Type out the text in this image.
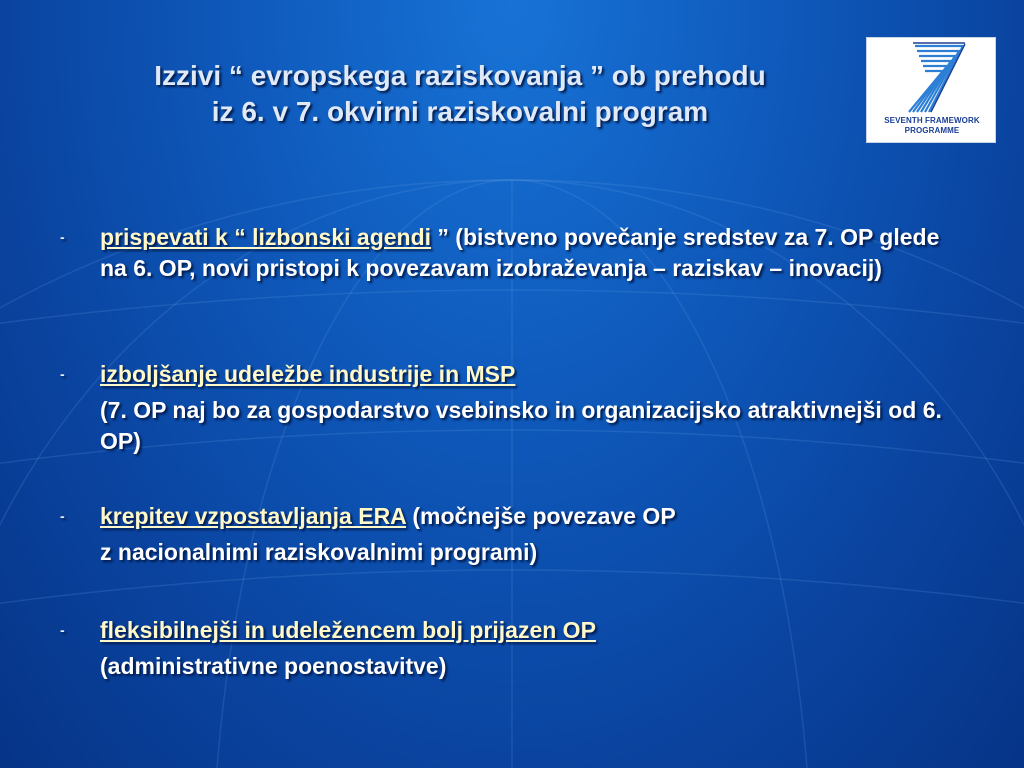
Izzivi “ evropskega raziskovanja ” ob prehodu
iz 6. v 7. okvirni raziskovalni program	SEVENTH FRAMEWORK
PROGRAMME
- prispevati k “ lizbonski agendi ” (bistveno povečanje sredstev za 7. OP glede na 6. OP, novi pristopi k povezavam izobraževanja – raziskav – inovacij)
- izboljšanje udeležbe industrije in MSP
(7. OP naj bo za gospodarstvo vsebinsko in organizacijsko atraktivnejši od 6. OP)
- krepitev vzpostavljanja ERA (močnejše povezave OP
z nacionalnimi raziskovalnimi programi)
- fleksibilnejši in udeležencem bolj prijazen OP
(administrativne poenostavitve)
